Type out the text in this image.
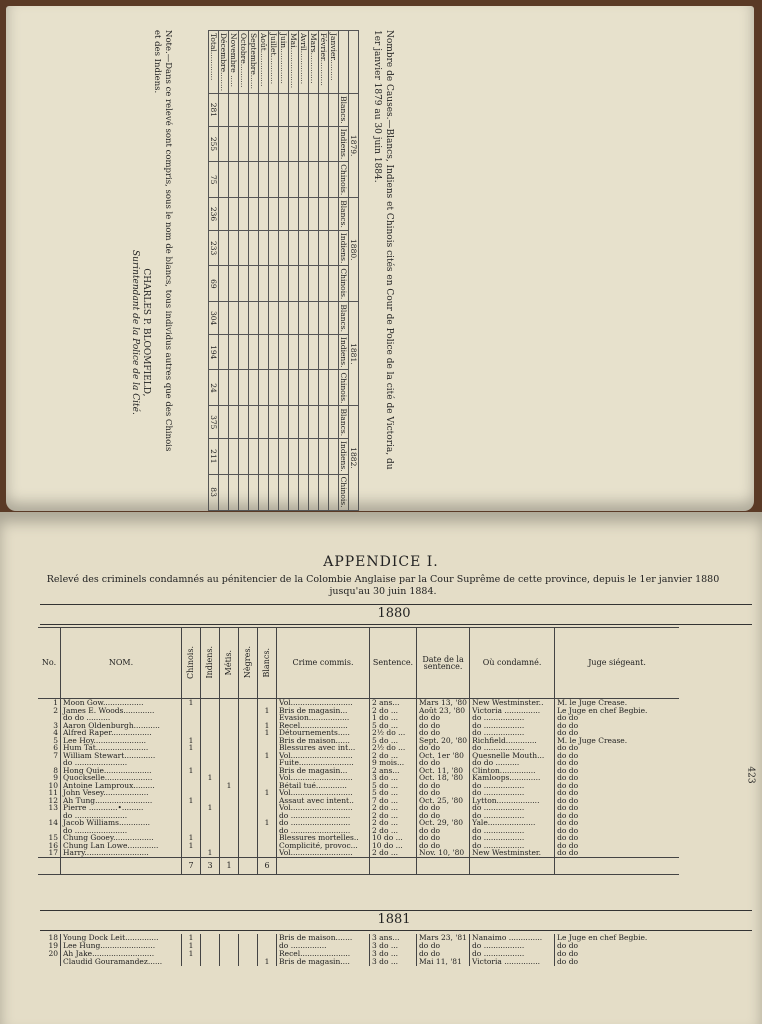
Nombre de Causes.—Blancs, Indiens et Chinois cités en Cour de Police de la cité de Victoria, du 1er janvier 1879 au 30 juin 1884.
	1879.			1880.			1881.			1882.		
	Blancs.	Indiens.	Chinois.	Blancs.	Indiens.	Chinois.	Blancs.	Indiens.	Chinois.	Blancs.	Indiens.	Chinois.						
Janvier.........																		
Février...........																		
Mars.............																		
Avril..............																		
Mai.................																		
Juin...............																		
Juillet............																		
Août...............																		
Septembre......																		
Octobre..........																		
Novembre .....																		
Décembre........																		
Total............	281	255	75	236	233	69	304	194	24	375	211	83						
Note.—Dans ce relevé sont compris, sous le nom de blancs, tous individus autres que des Chinois et des Indiens.
CHARLES P. BLOOMFIELD,
Surintendant de la Police de la Cité.
423
APPENDICE I.
Relevé des criminels condamnés au pénitencier de la Colombie Anglaise par la Cour Suprême de cette province, depuis le 1er janvier 1880 jusqu'au 30 juin 1884.
1880
No.	NOM.	Chinois.	Indiens.	Métis.	Nègres.	Blancs.	Crime commis.	Sentence.	Date de la sentence.	Où condamné.	Juge siégeant.
1	Moon Gow.................	1					Vol..........................	2 ans...	Mars 13, '80	New Westminster..	M. le Juge Crease.
2	James E. Woods.............					1	Bris de magasin...	2 do ...	Août 23, '80	Victoria ...............	Le Juge en chef Begbie.
	do do ..........						Evasion.................	1 do ...	do do	do .................	do do
3	Aaron Oldenburgh...........					1	Recel....................	5 do ...	do do	do .................	do do
4	Alfred Raper.................					1	Détournements.....	2½ do ...	do do	do .................	do do
5	Lee Hoy......................	1					Bris de maison......	5 do ...	Sept. 20, '80	Richfield.............	M. le Juge Crease.
6	Hum Tat......................	1					Blessures avec int...	2½ do ...	do do	do .................	do do
7	William Stewart.............					1	Vol..........................	2 do ...	Oct. 1er '80	Quesnelle Mouth...	do do
	do ......................						Fuite.......................	9 mois...	do do	do do ..........	do do
8	Hong Quie....................	1					Bris de magasin...	2 ans...	Oct. 11, '80	Clinton...............	do do
9	Quockselle....................		1				Vol..........................	3 do ...	Oct. 18, '80	Kamloops.............	do do
10	Antoine Lamproux.........			1			Bétail tué.............	5 do ...	do do	do .................	do do
11	John Vesey...................					1	Vol..........................	5 do ...	do do	do .................	do do
12	Ah Tung........................	1					Assaut avec intent..	7 do ...	Oct. 25, '80	Lytton..................	do do
13	Pierre ............•.........		1				Vol..........................	2 do ...	do do	do .................	do do
	do ......................						do .........................	2 do ...	do do	do .................	do do
14	Jacob Williams.............					1	do .........................	2 do ...	Oct. 29, '80	Yale....................	do do
	do ......................						do .........................	2 do ...	do do	do .................	do do
15	Chung Gooey.................	1					Blessures mortelles..	10 do ...	do do	do .................	do do
16	Chung Lan Lowe.............	1					Complicité, provoc...	10 do ...	do do	do .................	do do
17	Harry...........................		1				Vol..........................	2 do ...	Nov. 10, '80	New Westminster.	do do
		7	3	1		6					
1881
18	Young Dock Leit..............	1					Bris de maison.......	3 ans...	Mars 23, '81	Nanaimo ..............	Le Juge en chef Begbie.
19	Lee Hung.......................	1					do ...............	3 do ...	do do	do .................	do do
20	Ah Jake..........................	1					Recel.....................	3 do ...	do do	do .................	do do
	Claudid Gouramandez......					1	Bris de magasin....	3 do ...	Mai 11, '81	Victoria ...............	do do
